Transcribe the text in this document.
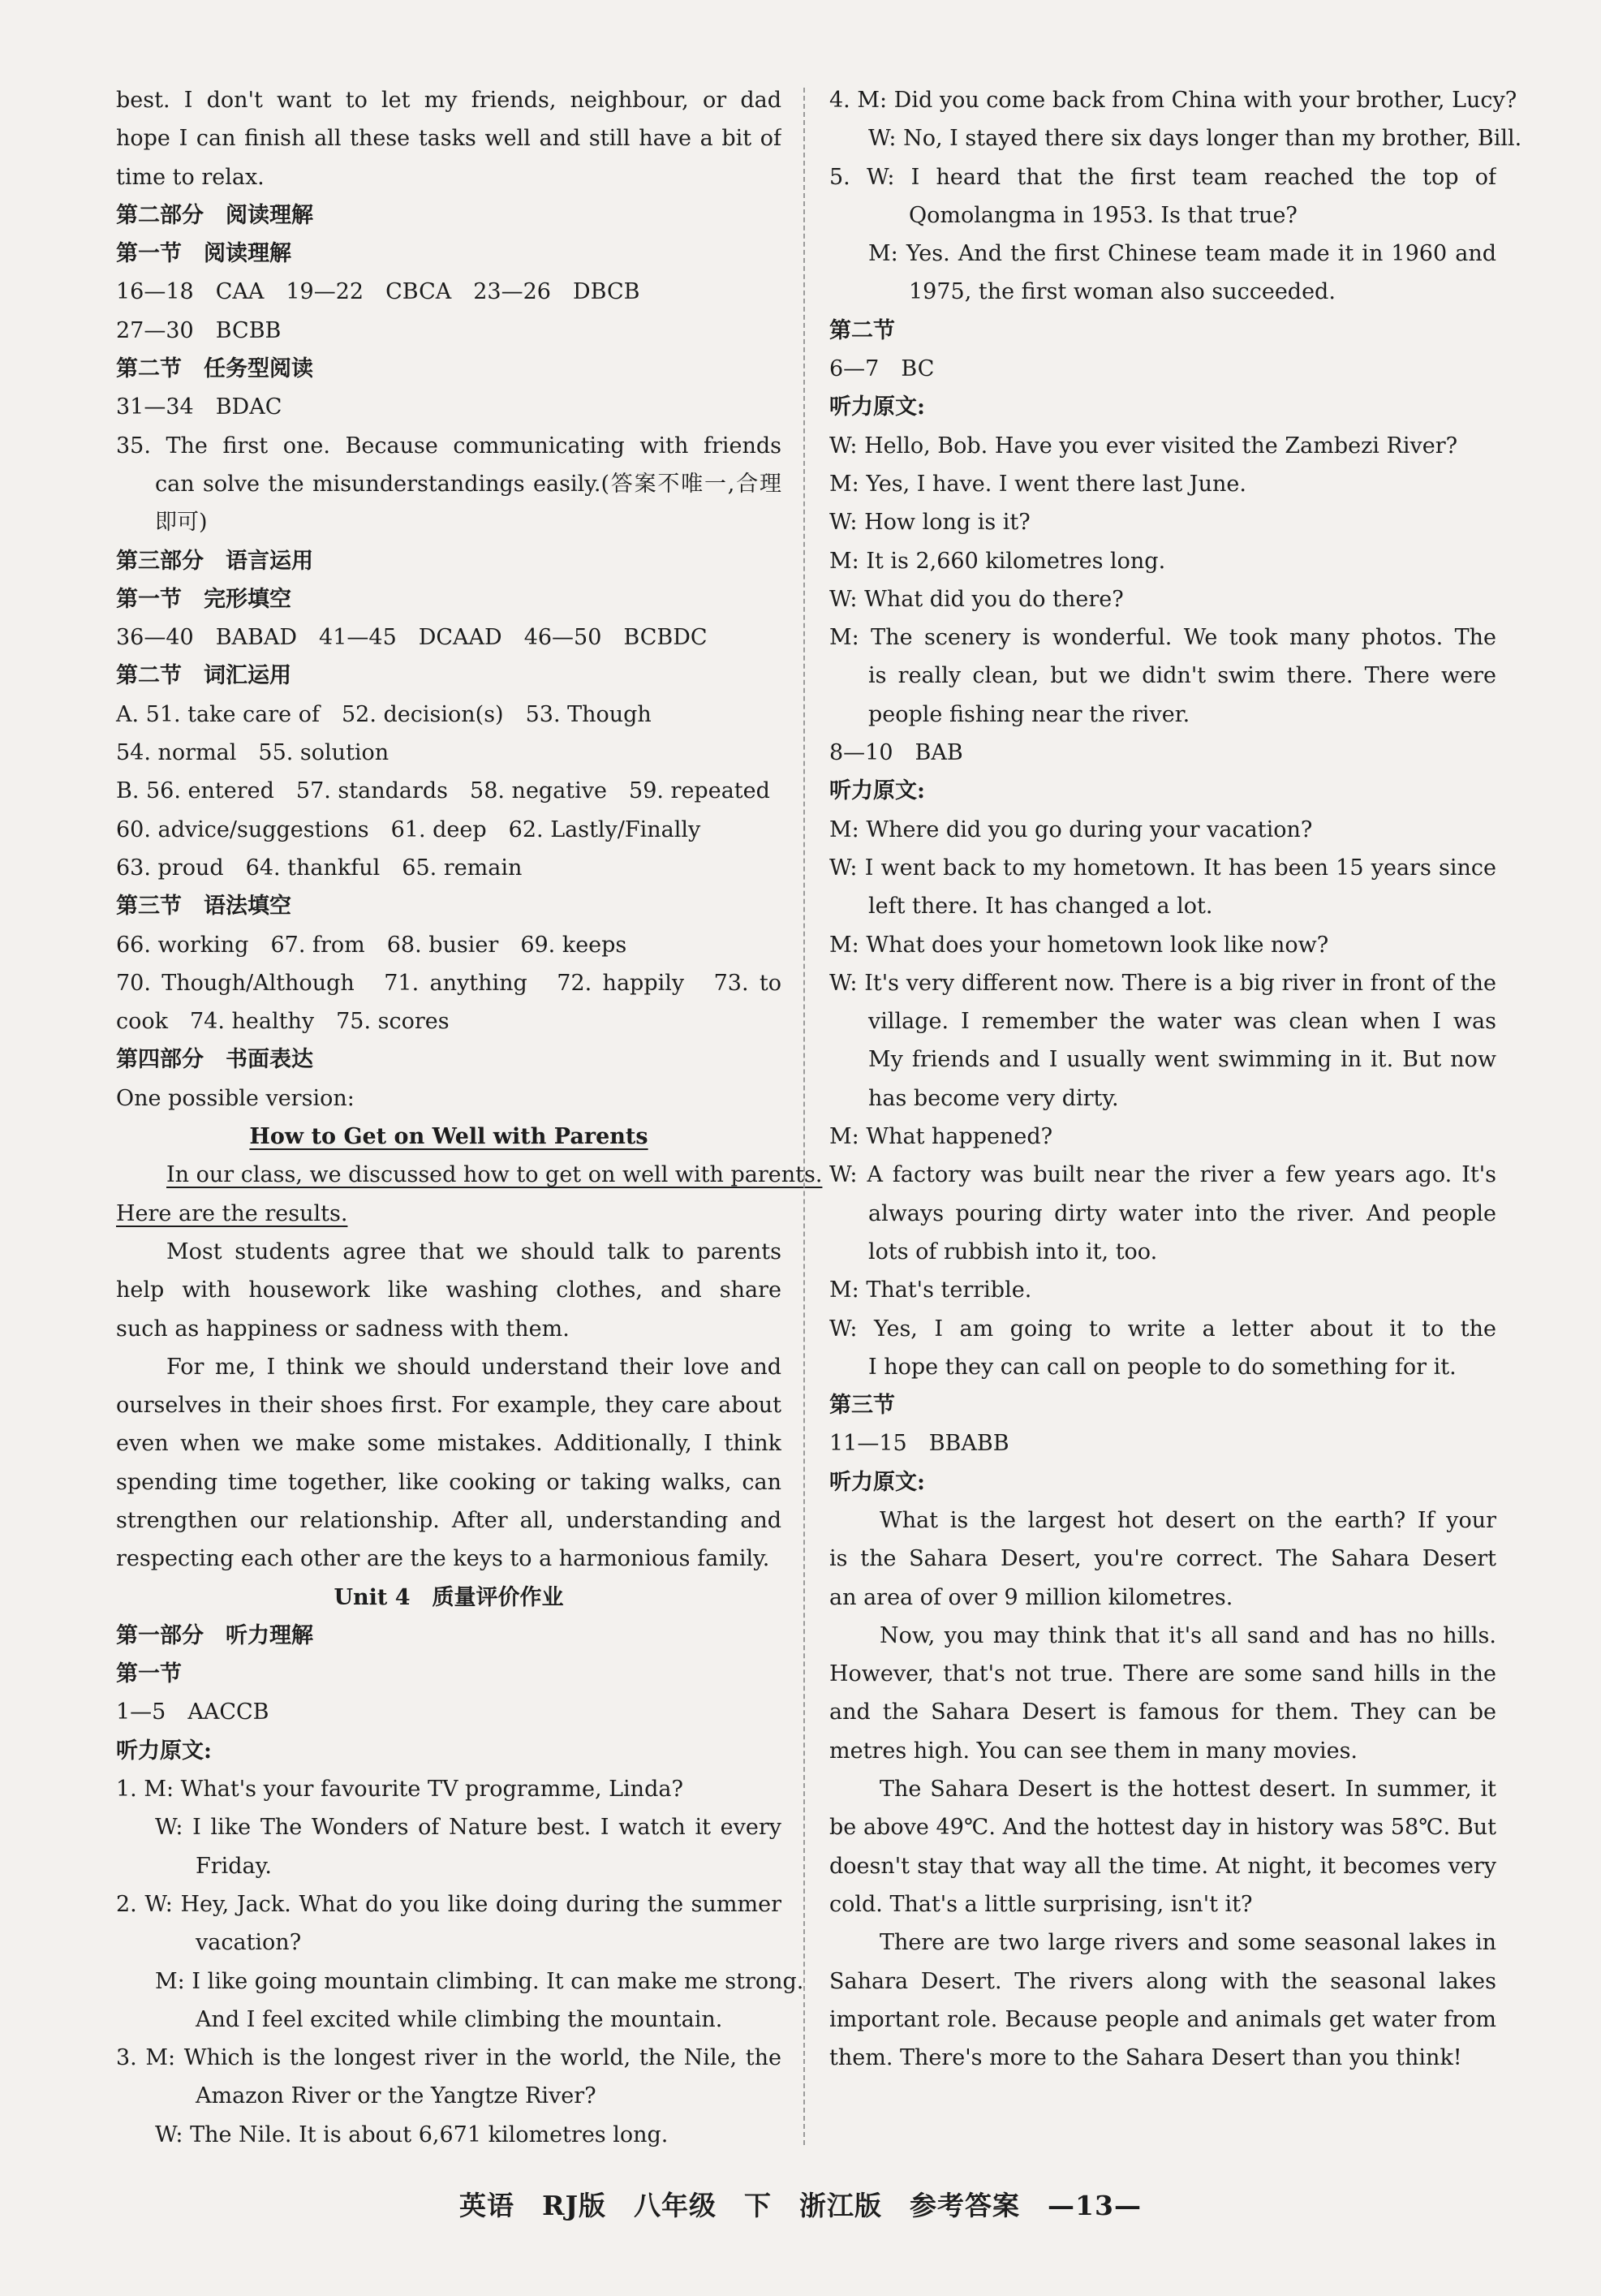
best. I don't want to let my friends, neighbour, or dad
hope I can finish all these tasks well and still have a bit of
time to relax.
第二部分　阅读理解
第一节　阅读理解
16—18　CAA　19—22　CBCA　23—26　DBCB
27—30　BCBB
第二节　任务型阅读
31—34　BDAC
35. The first one. Because communicating with friends
can solve the misunderstandings easily.(答案不唯一,合理
即可)
第三部分　语言运用
第一节　完形填空
36—40　BABAD　41—45　DCAAD　46—50　BCBDC
第二节　词汇运用
A. 51. take care of　52. decision(s)　53. Though
54. normal　55. solution
B. 56. entered　57. standards　58. negative　59. repeated
60. advice/suggestions　61. deep　62. Lastly/Finally
63. proud　64. thankful　65. remain
第三节　语法填空
66. working　67. from　68. busier　69. keeps
70. Though/Although　71. anything　72. happily　73. to
cook　74. healthy　75. scores
第四部分　书面表达
One possible version:
How to Get on Well with Parents
In our class, we discussed how to get on well with parents.
Here are the results.
Most students agree that we should talk to parents
help with housework like washing clothes, and share
such as happiness or sadness with them.
For me, I think we should understand their love and
ourselves in their shoes first. For example, they care about
even when we make some mistakes. Additionally, I think
spending time together, like cooking or taking walks, can
strengthen our relationship. After all, understanding and
respecting each other are the keys to a harmonious family.
Unit 4　质量评价作业
第一部分　听力理解
第一节
1—5　AACCB
听力原文:
1. M: What's your favourite TV programme, Linda?
W: I like The Wonders of Nature best. I watch it every
Friday.
2. W: Hey, Jack. What do you like doing during the summer
vacation?
M: I like going mountain climbing. It can make me strong.
And I feel excited while climbing the mountain.
3. M: Which is the longest river in the world, the Nile, the
Amazon River or the Yangtze River?
W: The Nile. It is about 6,671 kilometres long.
4. M: Did you come back from China with your brother, Lucy?
W: No, I stayed there six days longer than my brother, Bill.
5. W: I heard that the first team reached the top of
Qomolangma in 1953. Is that true?
M: Yes. And the first Chinese team made it in 1960 and
1975, the first woman also succeeded.
第二节
6—7　BC
听力原文:
W: Hello, Bob. Have you ever visited the Zambezi River?
M: Yes, I have. I went there last June.
W: How long is it?
M: It is 2,660 kilometres long.
W: What did you do there?
M: The scenery is wonderful. We took many photos. The
is really clean, but we didn't swim there. There were
people fishing near the river.
8—10　BAB
听力原文:
M: Where did you go during your vacation?
W: I went back to my hometown. It has been 15 years since
left there. It has changed a lot.
M: What does your hometown look like now?
W: It's very different now. There is a big river in front of the
village. I remember the water was clean when I was
My friends and I usually went swimming in it. But now
has become very dirty.
M: What happened?
W: A factory was built near the river a few years ago. It's
always pouring dirty water into the river. And people
lots of rubbish into it, too.
M: That's terrible.
W: Yes, I am going to write a letter about it to the
I hope they can call on people to do something for it.
第三节
11—15　BBABB
听力原文:
What is the largest hot desert on the earth? If your
is the Sahara Desert, you're correct. The Sahara Desert
an area of over 9 million kilometres.
Now, you may think that it's all sand and has no hills.
However, that's not true. There are some sand hills in the
and the Sahara Desert is famous for them. They can be
metres high. You can see them in many movies.
The Sahara Desert is the hottest desert. In summer, it
be above 49℃. And the hottest day in history was 58℃. But
doesn't stay that way all the time. At night, it becomes very
cold. That's a little surprising, isn't it?
There are two large rivers and some seasonal lakes in
Sahara Desert. The rivers along with the seasonal lakes
important role. Because people and animals get water from
them. There's more to the Sahara Desert than you think!
英语　RJ版　八年级　下　浙江版　参考答案　—13—
